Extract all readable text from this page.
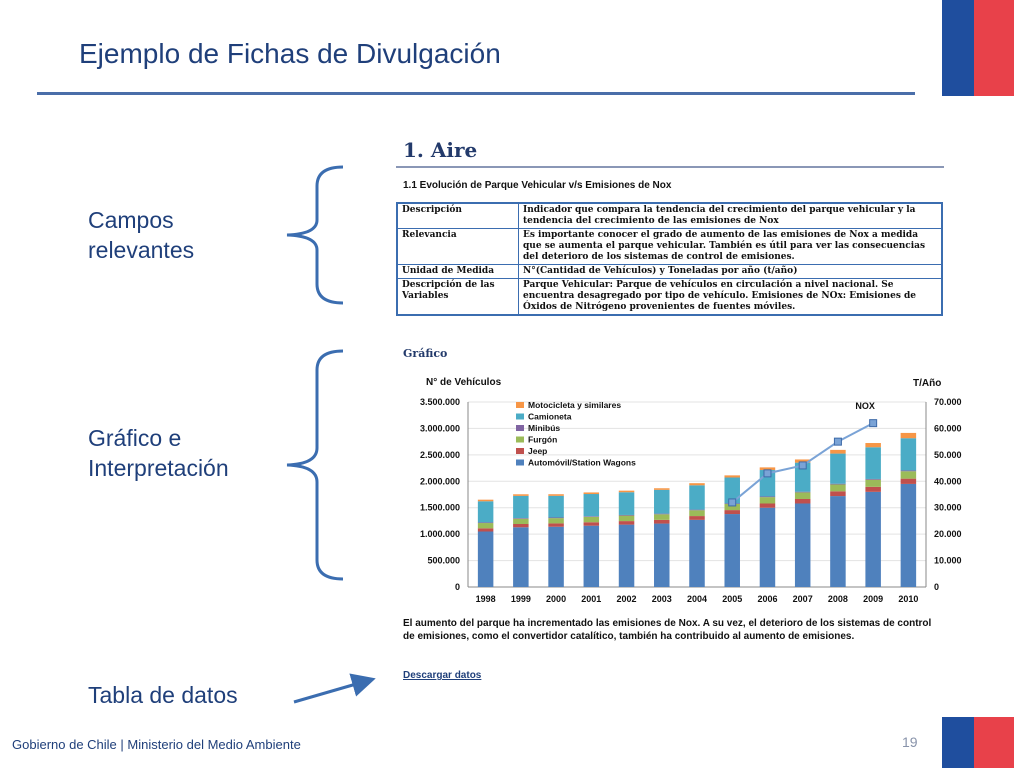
Ejemplo de Fichas de Divulgación
Campos relevantes
Gráfico e Interpretación
Tabla de datos
1. Aire
1.1 Evolución de Parque Vehicular v/s Emisiones de Nox
Descripción	Indicador que compara la tendencia del crecimiento del parque vehicular y la tendencia del crecimiento de las emisiones de Nox
Relevancia	Es importante conocer el grado de aumento de las emisiones de Nox a medida que se aumenta el parque vehicular. También es útil para ver las consecuencias del deterioro de los sistemas de control de emisiones.
Unidad de Medida	N°(Cantidad de Vehículos) y Toneladas por año (t/año)
Descripción de las Variables	Parque Vehicular: Parque de vehículos en circulación a nivel nacional. Se encuentra desagregado por tipo de vehículo. Emisiones de NOx: Emisiones de Óxidos de Nitrógeno provenientes de fuentes móviles.
Gráfico
N° de Vehículos	T/Año
0
500.000
1.000.000
1.500.000
2.000.000
2.500.000
3.000.000
3.500.000
0
10.000
20.000
30.000
40.000
50.000
60.000
70.000
1998 1999 2000 2001 2002 2003 2004 2005 2006 2007 2008 2009 2010
NOX
Motocicleta y similares
Camioneta
Minibús
Furgón
Jeep
Automóvil/Station Wagons
El aumento del parque ha incrementado las emisiones de Nox. A su vez, el deterioro de los sistemas de control de emisiones, como el convertidor catalítico, también ha contribuido al aumento de emisiones.
Descargar datos
Gobierno de Chile | Ministerio del Medio Ambiente	19
